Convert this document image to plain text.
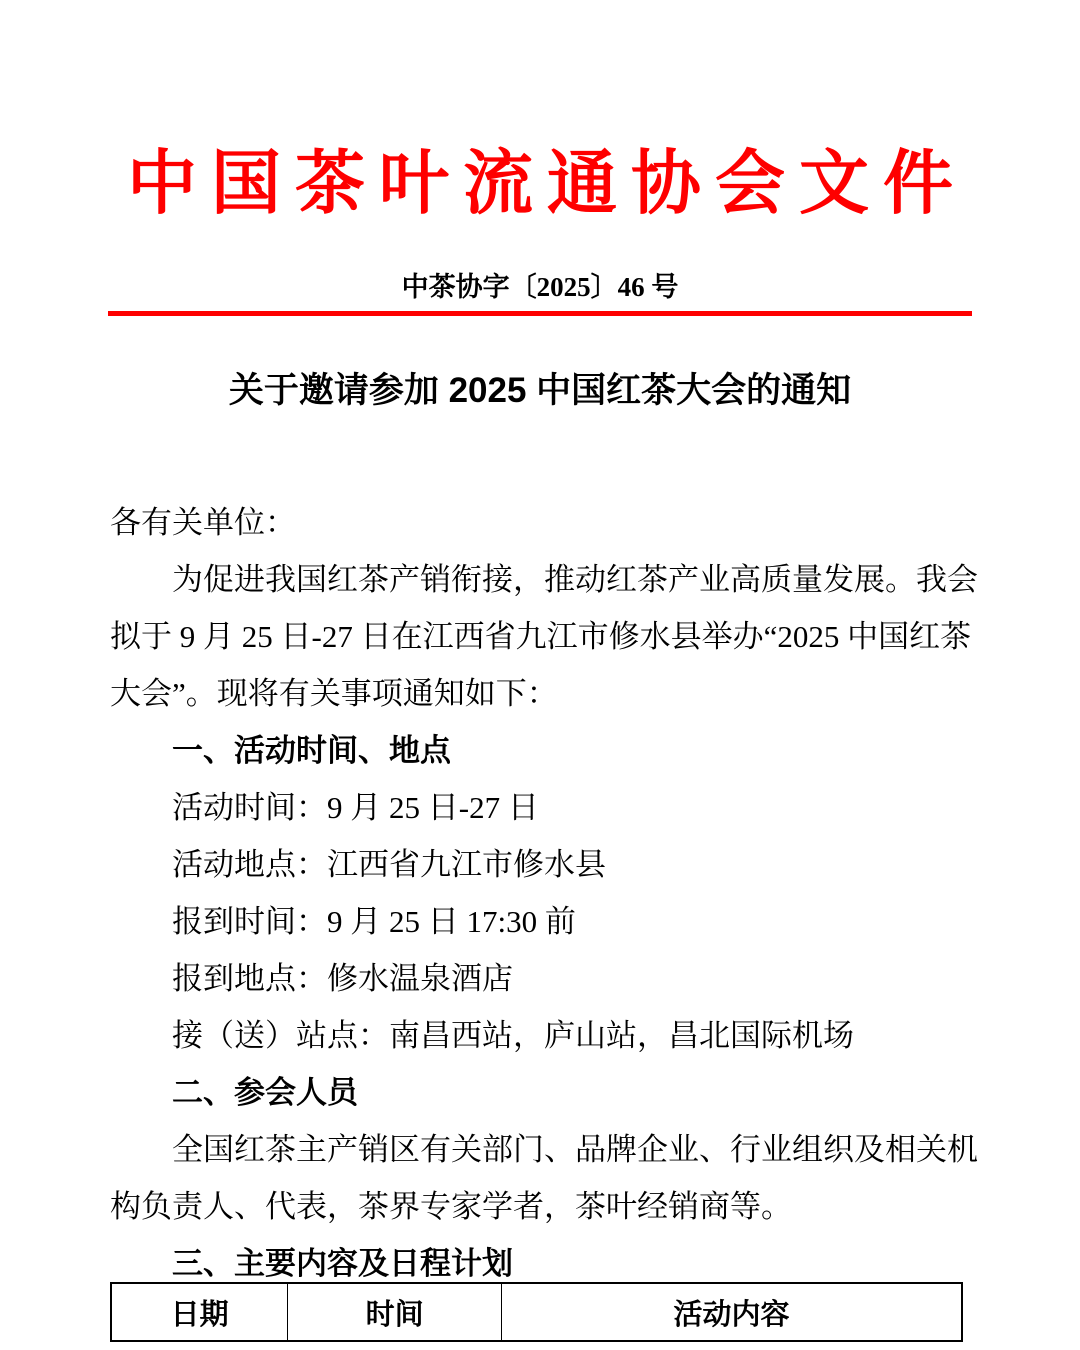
中国茶叶流通协会文件
中茶协字〔2025〕46 号
关于邀请参加 2025 中国红茶大会的通知
各有关单位：
为促进我国红茶产销衔接，推动红茶产业高质量发展。我会
拟于 9 月 25 日-27 日在江西省九江市修水县举办“2025 中国红茶
大会”。现将有关事项通知如下：
一、活动时间、地点
活动时间：9 月 25 日-27 日
活动地点：江西省九江市修水县
报到时间：9 月 25 日 17:30 前
报到地点：修水温泉酒店
接（送）站点：南昌西站，庐山站，昌北国际机场
二、参会人员
全国红茶主产销区有关部门、品牌企业、行业组织及相关机
构负责人、代表，茶界专家学者，茶叶经销商等。
三、主要内容及日程计划
日期	时间	活动内容
